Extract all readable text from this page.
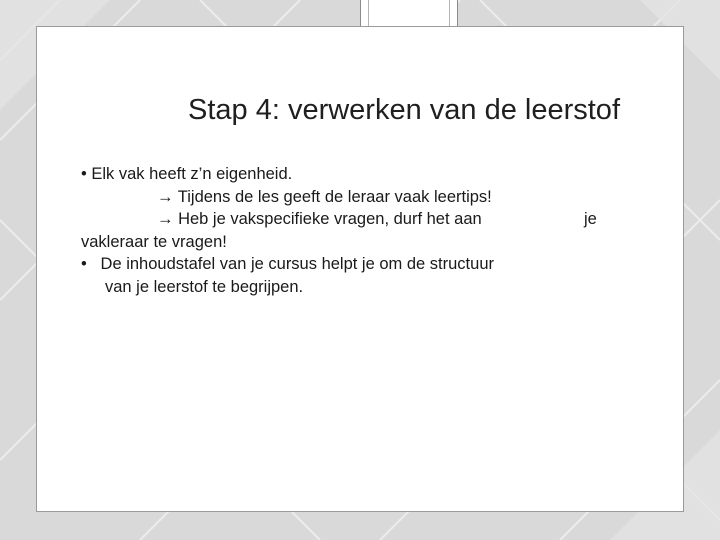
Stap 4: verwerken van de leerstof
• Elk vak heeft z’n eigenheid.
→ Tijdens de les geeft de leraar vaak leertips!
→ Heb je vakspecifieke vragen, durf het aan	je
vakleraar te vragen!
•   De inhoudstafel van je cursus helpt je om de structuur
van je leerstof te begrijpen.
